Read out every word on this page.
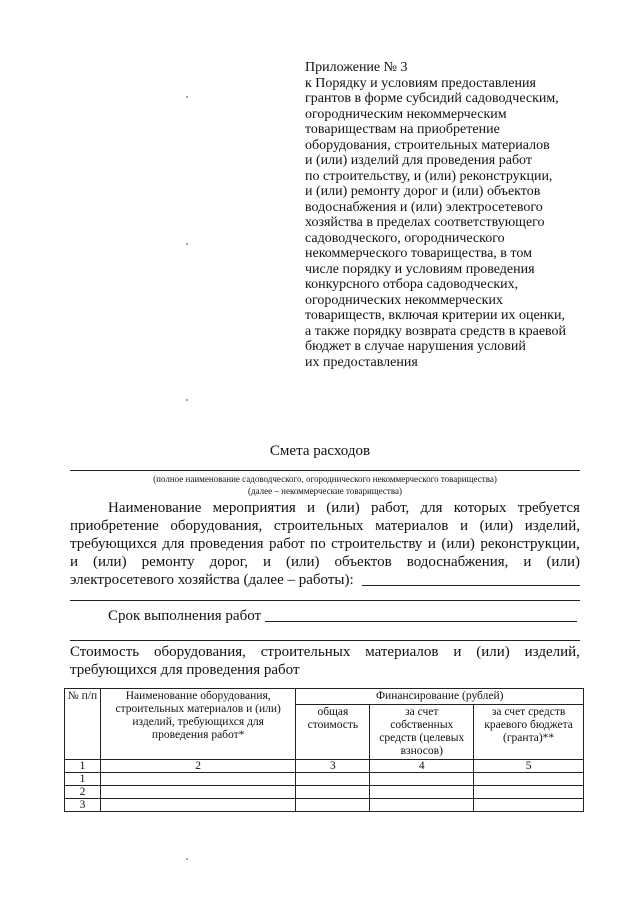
Приложение № 3
к Порядку и условиям предоставления
грантов в форме субсидий садоводческим,
огородническим некоммерческим
товариществам на приобретение
оборудования, строительных материалов
и (или) изделий для проведения работ
по строительству, и (или) реконструкции,
и (или) ремонту дорог и (или) объектов
водоснабжения и (или) электросетевого
хозяйства в пределах соответствующего
садоводческого, огороднического
некоммерческого товарищества, в том
числе порядку и условиям проведения
конкурсного отбора садоводческих,
огороднических некоммерческих
товариществ, включая критерии их оценки,
а также порядку возврата средств в краевой
бюджет в случае нарушения условий
их предоставления
Смета расходов
(полное наименование садоводческого, огороднического некоммерческого товарищества)
(далее – некоммерческие товарищества)
Наименование мероприятия и (или) работ, для которых требуется
приобретение оборудования, строительных материалов и (или) изделий,
требующихся для проведения работ по строительству и (или) реконструкции,
и (или) ремонту дорог, и (или) объектов водоснабжения, и (или)
электросетевого хозяйства (далее – работы):
Срок выполнения работ
Стоимость оборудования, строительных материалов и (или) изделий,
требующихся для проведения работ
№ п/п	Наименование оборудования, строительных материалов и (или) изделий, требующихся для проведения работ*	Финансирование (рублей)		
		общая стоимость	за счет собственных средств (целевых взносов)	за счет средств краевого бюджета (гранта)**
1	2	3	4	5
1				
2				
3				
